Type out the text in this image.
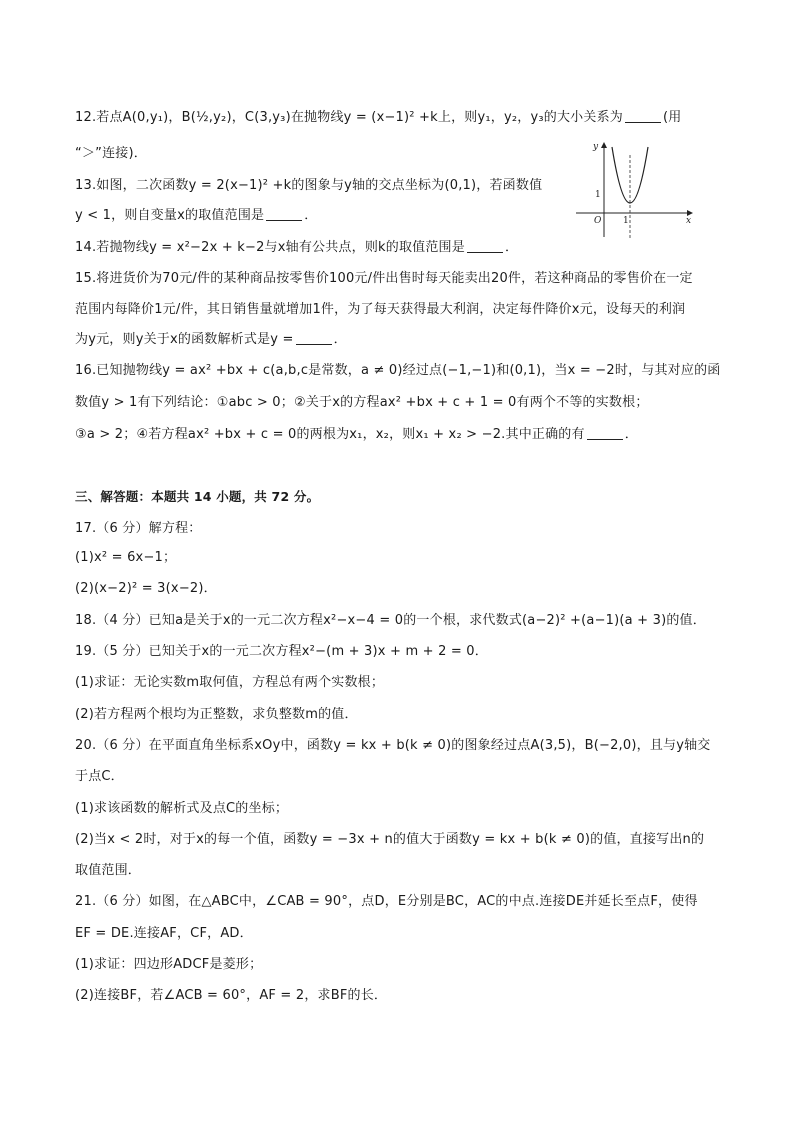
12.若点A(0,y₁)，B(½,y₂)，C(3,y₃)在抛物线y = (x−1)² +k上，则y₁，y₂，y₃的大小关系为	(用
“＞”连接)．
13.如图，二次函数y = 2(x−1)² +k的图象与y轴的交点坐标为(0,1)，若函数值
y < 1，则自变量x的取值范围是	．
14.若抛物线y = x²−2x + k−2与x轴有公共点，则k的取值范围是	．
15.将进货价为70元/件的某种商品按零售价100元/件出售时每天能卖出20件，若这种商品的零售价在一定
范围内每降价1元/件，其日销售量就增加1件，为了每天获得最大利润，决定每件降价x元，设每天的利润
为y元，则y关于x的函数解析式是y =	．
16.已知抛物线y = ax² +bx + c(a,b,c是常数，a ≠ 0)经过点(−1,−1)和(0,1)，当x = −2时，与其对应的函
数值y > 1有下列结论：①abc > 0；②关于x的方程ax² +bx + c + 1 = 0有两个不等的实数根；
③a > 2；④若方程ax² +bx + c = 0的两根为x₁，x₂，则x₁ + x₂ > −2.其中正确的有	．
三、解答题：本题共 14 小题，共 72 分。
17.（6 分）解方程：
(1)x² = 6x−1；
(2)(x−2)² = 3(x−2)．
18.（4 分）已知a是关于x的一元二次方程x²−x−4 = 0的一个根，求代数式(a−2)² +(a−1)(a + 3)的值．
19.（5 分）已知关于x的一元二次方程x²−(m + 3)x + m + 2 = 0．
(1)求证：无论实数m取何值，方程总有两个实数根；
(2)若方程两个根均为正整数，求负整数m的值．
20.（6 分）在平面直角坐标系xOy中，函数y = kx + b(k ≠ 0)的图象经过点A(3,5)，B(−2,0)，且与y轴交
于点C．
(1)求该函数的解析式及点C的坐标；
(2)当x < 2时，对于x的每一个值，函数y = −3x + n的值大于函数y = kx + b(k ≠ 0)的值，直接写出n的
取值范围．
21.（6 分）如图，在△ABC中，∠CAB = 90°，点D，E分别是BC，AC的中点.连接DE并延长至点F，使得
EF = DE.连接AF，CF，AD．
(1)求证：四边形ADCF是菱形；
(2)连接BF，若∠ACB = 60°，AF = 2，求BF的长．
y
x
O
1
1
